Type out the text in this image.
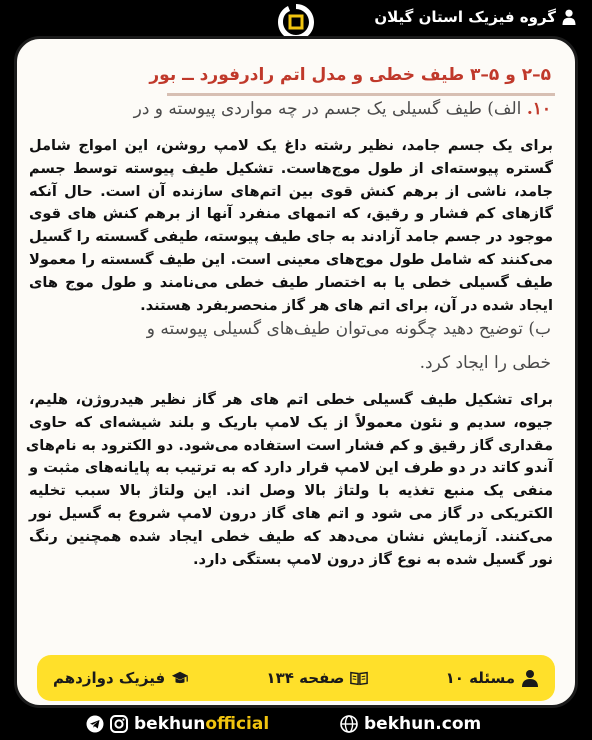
گروه فیزیک استان گیلان
۵–۲ و ۵–۳ طیف خطی و مدل اتم رادرفورد ــ بور
۱۰. الف) طیف گسیلی یک جسم در چه مواردی پیوسته و در
برای یک جسم جامد، نظیر رشته داغ یک لامپ روشن، این امواج شامل
گستره پیوسته‌ای از طول موج‌هاست. تشکیل طیف پیوسته توسط جسم
جامد، ناشی از برهم کنش قوی بین اتم‌های سازنده آن است. حال آنکه
گازهای کم فشار و رقیق، که اتمهای منفرد آنها از برهم کنش های قوی
موجود در جسم جامد آزادند به جای طیف پیوسته، طیفی گسسته را گسیل
می‌کنند که شامل طول موج‌های معینی است. این طیف گسسته را معمولا
طیف گسیلی خطی یا به اختصار طیف خطی می‌نامند و طول موج های
ایجاد شده در آن، برای اتم های هر گاز منحصربفرد هستند.
ب) توضیح دهید چگونه می‌توان طیف‌های گسیلی پیوسته و
خطی را ایجاد کرد.
برای تشکیل طیف گسیلی خطی اتم های هر گاز نظیر هیدروژن، هلیم،
جیوه، سدیم و نئون معمولاً از یک لامپ باریک و بلند شیشه‌ای که حاوی
مقداری گاز رقیق و کم فشار است استفاده می‌شود. دو الکترود به نام‌های
آندو کاتد در دو طرف این لامپ قرار دارد که به ترتیب به پایانه‌های مثبت و
منفی یک منبع تغذیه با ولتاژ بالا وصل اند. این ولتاژ بالا سبب تخلیه
الکتریکی در گاز می شود و اتم های گاز درون لامپ شروع به گسیل نور
می‌کنند. آزمایش نشان می‌دهد که طیف خطی ایجاد شده همچنین رنگ
نور گسیل شده به نوع گاز درون لامپ بستگی دارد.
مسئله ۱۰
صفحه ۱۳۴
فیزیک دوازدهم
bekhun official	bekhun.com
